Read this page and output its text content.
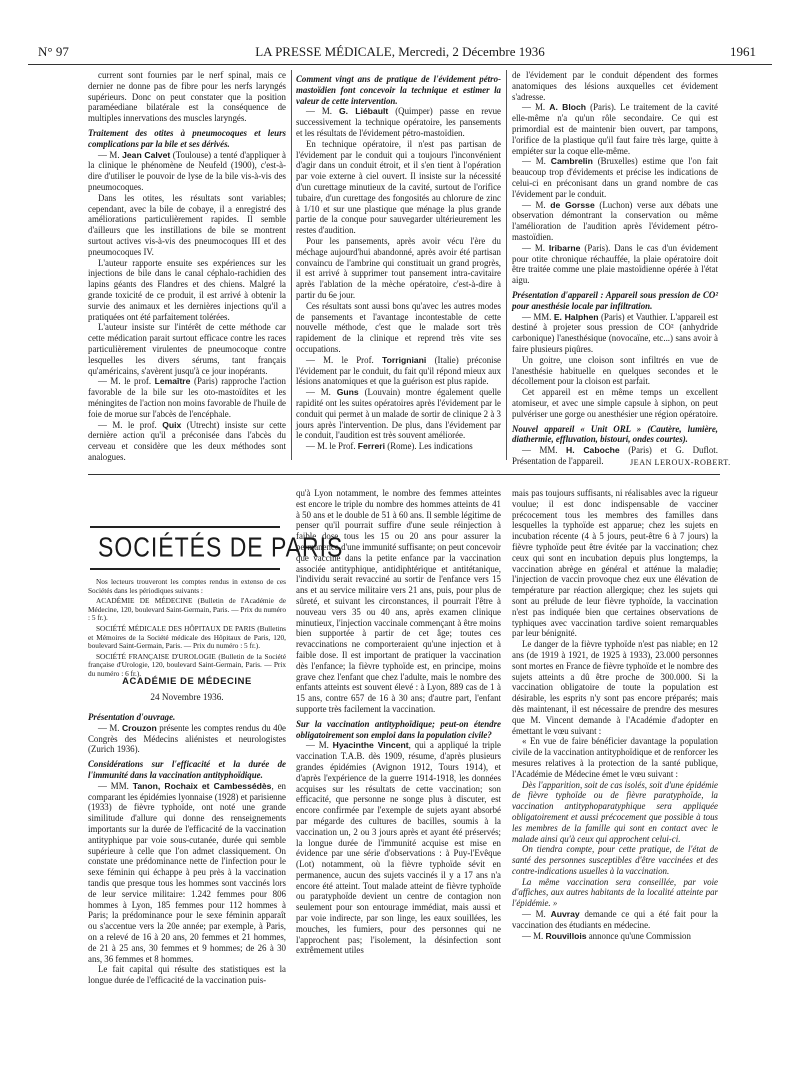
N° 97	LA PRESSE MÉDICALE, Mercredi, 2 Décembre 1936	1961

current sont fournies par le nerf spinal, mais ce dernier ne donne pas de fibre pour les nerfs laryngés supérieurs. Donc on peut constater que la position paraméediane bilatérale est la conséquence de multiples innervations des muscles laryngés.

Traitement des otites à pneumocoques et leurs complications par la bile et ses dérivés.

— M. Jean Calvet (Toulouse) a tenté d'appliquer à la clinique le phénomène de Neufeld (1900), c'est-à-dire d'utiliser le pouvoir de lyse de la bile vis-à-vis des pneumocoques.

Dans les otites, les résultats sont variables; cependant, avec la bile de cobaye, il a enregistré des améliorations particulièrement rapides. Il semble d'ailleurs que les instillations de bile se montrent surtout actives vis-à-vis des pneumocoques III et des pneumocoques IV.

L'auteur rapporte ensuite ses expériences sur les injections de bile dans le canal céphalo-rachidien des lapins géants des Flandres et des chiens. Malgré la grande toxicité de ce produit, il est arrivé à obtenir la survie des animaux et les dernières injections qu'il a pratiquées ont été parfaitement tolérées.

L'auteur insiste sur l'intérêt de cette méthode car cette médication parait surtout efficace contre les races particulièrement virulentes de pneumocoque contre lesquelles les divers sérums, tant français qu'américains, s'avèrent jusqu'à ce jour inopérants.

— M. le prof. Lemaître (Paris) rapproche l'action favorable de la bile sur les oto-mastoïdites et les méningites de l'action non moins favorable de l'huile de foie de morue sur l'abcès de l'encéphale.

— M. le prof. Quix (Utrecht) insiste sur cette dernière action qu'il a préconisée dans l'abcès du cerveau et considère que les deux méthodes sont analogues.

Comment vingt ans de pratique de l'évidement pétro-mastoïdien font concevoir la technique et estimer la valeur de cette intervention.

— M. G. Liébault (Quimper) passe en revue successivement la technique opératoire, les pansements et les résultats de l'évidement pétro-mastoïdien.

En technique opératoire, il n'est pas partisan de l'évidement par le conduit qui a toujours l'inconvénient d'agir dans un conduit étroit, et il s'en tient à l'opération par voie externe à ciel ouvert. Il insiste sur la nécessité d'un curettage minutieux de la cavité, surtout de l'orifice tubaire, d'un curettage des fongosités au chlorure de zinc à 1/10 et sur une plastique que ménage la plus grande partie de la conque pour sauvegarder ultérieurement les restes d'audition.

Pour les pansements, après avoir vécu l'ère du méchage aujourd'hui abandonné, après avoir été partisan convaincu de l'ambrine qui constituait un grand progrès, il est arrivé à supprimer tout pansement intra-cavitaire après l'ablation de la mèche opératoire, c'est-à-dire à partir du 6e jour.

Ces résultats sont aussi bons qu'avec les autres modes de pansements et l'avantage incontestable de cette nouvelle méthode, c'est que le malade sort très rapidement de la clinique et reprend très vite ses occupations.

— M. le Prof. Torrigniani (Italie) préconise l'évidement par le conduit, du fait qu'il répond mieux aux lésions anatomiques et que la guérison est plus rapide.

— M. Guns (Louvain) montre également quelle rapidité ont les suites opératoires après l'évidement par le conduit qui permet à un malade de sortir de clinique 2 à 3 jours après l'intervention. De plus, dans l'évidement par le conduit, l'audition est très souvent améliorée.

— M. le Prof. Ferreri (Rome). Les indications

de l'évidement par le conduit dépendent des formes anatomiques des lésions auxquelles cet évidement s'adresse.

— M. A. Bloch (Paris). Le traitement de la cavité elle-même n'a qu'un rôle secondaire. Ce qui est primordial est de maintenir bien ouvert, par tampons, l'orifice de la plastique qu'il faut faire très large, quitte à empiéter sur la coque elle-même.

— M. Cambrelin (Bruxelles) estime que l'on fait beaucoup trop d'évidements et précise les indications de celui-ci en préconisant dans un grand nombre de cas l'évidement par le conduit.

— M. de Gorsse (Luchon) verse aux débats une observation démontrant la conservation ou même l'amélioration de l'audition après l'évidement pétro-mastoïdien.

— M. Iribarne (Paris). Dans le cas d'un évidement pour otite chronique réchauffée, la plaie opératoire doit être traitée comme une plaie mastoïdienne opérée à l'état aigu.

Présentation d'appareil : Appareil sous pression de CO² pour anesthésie locale par infiltration.

— MM. E. Halphen (Paris) et Vauthier. L'appareil est destiné à projeter sous pression de CO² (anhydride carbonique) l'anesthésique (novocaïne, etc...) sans avoir à faire plusieurs piqûres.

Un goitre, une cloison sont infiltrés en vue de l'anesthésie habituelle en quelques secondes et le décollement pour la cloison est parfait.

Cet appareil est en même temps un excellent atomiseur, et avec une simple capsule à siphon, on peut pulvériser une gorge ou anesthésier une région opératoire.

Nouvel appareil « Unit ORL » (Cautère, lumière, diathermie, effluvation, bistouri, ondes courtes).

— MM. H. Caboche (Paris) et G. Duflot. Présentation de l'appareil.	JEAN LEROUX-ROBERT.
SOCIÉTÉS DE PARIS

Nos lecteurs trouveront les comptes rendus in extenso de ces Sociétés dans les périodiques suivants :

ACADÉMIE DE MÉDECINE (Bulletin de l'Académie de Médecine, 120, boulevard Saint-Germain, Paris. — Prix du numéro : 5 fr.).

SOCIÉTÉ MÉDICALE DES HÔPITAUX DE PARIS (Bulletins et Mémoires de la Société médicale des Hôpitaux de Paris, 120, boulevard Saint-Germain, Paris. — Prix du numéro : 5 fr.).

SOCIÉTÉ FRANÇAISE D'UROLOGIE (Bulletin de la Société française d'Urologie, 120, boulevard Saint-Germain, Paris. — Prix du numéro : 6 fr.).

ACADÉMIE DE MÉDECINE
24 Novembre 1936.

Présentation d'ouvrage.

— M. Crouzon présente les comptes rendus du 40e Congrès des Médecins aliénistes et neurologistes (Zurich 1936).

Considérations sur l'efficacité et la durée de l'immunité dans la vaccination antityphoïdique.

— MM. Tanon, Rochaix et Cambessédès, en comparant les épidémies lyonnaise (1928) et parisienne (1933) de fièvre typhoïde, ont noté une grande similitude d'allure qui donne des renseignements importants sur la durée de l'efficacité de la vaccination antityphique par voie sous-cutanée, durée qui semble supérieure à celle que l'on admet classiquement. On constate une prédominance nette de l'infection pour le sexe féminin qui échappe à peu près à la vaccination tandis que presque tous les hommes sont vaccinés lors de leur service militaire: 1.242 femmes pour 806 hommes à Lyon, 185 femmes pour 112 hommes à Paris; la prédominance pour le sexe féminin apparaît ou s'accentue vers la 20e année; par exemple, à Paris, on a relevé de 16 à 20 ans, 20 femmes et 21 hommes, de 21 à 25 ans, 30 femmes et 9 hommes; de 26 à 30 ans, 36 femmes et 8 hommes.

Le fait capital qui résulte des statistiques est la longue durée de l'efficacité de la vaccination puis-

qu'à Lyon notamment, le nombre des femmes atteintes est encore le triple du nombre des hommes atteints de 41 à 50 ans et le double de 51 à 60 ans. Il semble légitime de penser qu'il pourrait suffire d'une seule réinjection à faible dose tous les 15 ou 20 ans pour assurer la permanence d'une immunité suffisante; on peut concevoir que vacciné dans la petite enfance par la vaccination associée antityphique, antidiphtérique et antitétanique, l'individu serait revacciné au sortir de l'enfance vers 15 ans et au service militaire vers 21 ans, puis, pour plus de sûreté, et suivant les circonstances, il pourrait l'être à nouveau vers 35 ou 40 ans, après examen clinique minutieux, l'injection vaccinale commençant à être moins bien supportée à partir de cet âge; toutes ces revaccinations ne comporteraient qu'une injection et à faible dose. Il est important de pratiquer la vaccination dès l'enfance; la fièvre typhoïde est, en principe, moins grave chez l'enfant que chez l'adulte, mais le nombre des enfants atteints est souvent élevé : à Lyon, 889 cas de 1 à 15 ans, contre 657 de 16 à 30 ans; d'autre part, l'enfant supporte très facilement la vaccination.

Sur la vaccination antityphoïdique; peut-on étendre obligatoirement son emploi dans la population civile?

— M. Hyacinthe Vincent, qui a appliqué la triple vaccination T.A.B. dès 1909, résume, d'après plusieurs grandes épidémies (Avignon 1912, Tours 1914), et d'après l'expérience de la guerre 1914-1918, les données acquises sur les résultats de cette vaccination; son efficacité, que personne ne songe plus à discuter, est encore confirmée par l'exemple de sujets ayant absorbé par mégarde des cultures de bacilles, soumis à la vaccination un, 2 ou 3 jours après et ayant été préservés; la longue durée de l'immunité acquise est mise en évidence par une série d'observations : à Puy-l'Evêque (Lot) notamment, où la fièvre typhoïde sévit en permanence, aucun des sujets vaccinés il y a 17 ans n'a encore été atteint. Tout malade atteint de fièvre typhoïde ou paratyphoïde devient un centre de contagion non seulement pour son entourage immédiat, mais aussi et par voie indirecte, par son linge, les eaux souillées, les mouches, les fumiers, pour des personnes qui ne l'approchent pas; l'isolement, la désinfection sont extrêmement utiles

mais pas toujours suffisants, ni réalisables avec la rigueur voulue; il est donc indispensable de vacciner précocement tous les membres des familles dans lesquelles la typhoïde est apparue; chez les sujets en incubation récente (4 à 5 jours, peut-être 6 à 7 jours) la fièvre typhoïde peut être évitée par la vaccination; chez ceux qui sont en incubation depuis plus longtemps, la vaccination abrège en général et atténue la maladie; l'injection de vaccin provoque chez eux une élévation de température par réaction allergique; chez les sujets qui sont au prélude de leur fièvre typhoïde, la vaccination n'est pas indiquée bien que certaines observations de typhiques avec vaccination tardive soient remarquables par leur bénignité.

Le danger de la fièvre typhoïde n'est pas niable; en 12 ans (de 1919 à 1921, de 1925 à 1933), 23.000 personnes sont mortes en France de fièvre typhoïde et le nombre des sujets atteints a dû être proche de 300.000. Si la vaccination obligatoire de toute la population est désirable, les esprits n'y sont pas encore préparés; mais dès maintenant, il est nécessaire de prendre des mesures que M. Vincent demande à l'Académie d'adopter en émettant le vœu suivant :

« En vue de faire bénéficier davantage la population civile de la vaccination antityphoïdique et de renforcer les mesures relatives à la protection de la santé publique, l'Académie de Médecine émet le vœu suivant :

Dès l'apparition, soit de cas isolés, soit d'une épidémie de fièvre typhoïde ou de fièvre paratyphoïde, la vaccination antityphoparatyphique sera appliquée obligatoirement et aussi précocement que possible à tous les membres de la famille qui sont en contact avec le malade ainsi qu'à ceux qui approchent celui-ci.

On tiendra compte, pour cette pratique, de l'état de santé des personnes susceptibles d'être vaccinées et des contre-indications usuelles à la vaccination.

La même vaccination sera conseillée, par voie d'affiches, aux autres habitants de la localité atteinte par l'épidémie. »

— M. Auvray demande ce qui a été fait pour la vaccination des étudiants en médecine.

— M. Rouvillois annonce qu'une Commission
